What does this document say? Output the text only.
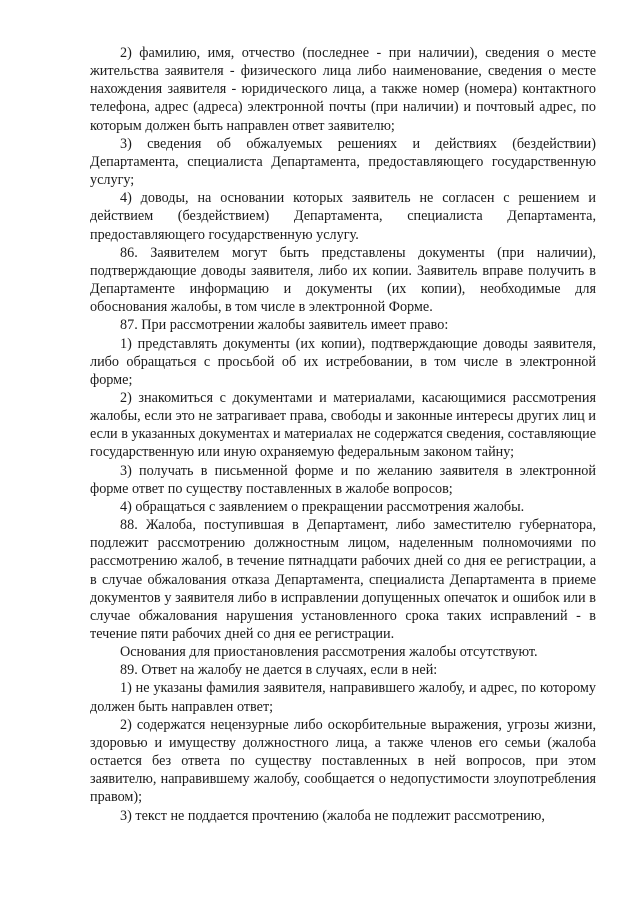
2) фамилию, имя, отчество (последнее - при наличии), сведения о месте жительства заявителя - физического лица либо наименование, сведения о месте нахождения заявителя - юридического лица, а также номер (номера) контактного телефона, адрес (адреса) электронной почты (при наличии) и почтовый адрес, по которым должен быть направлен ответ заявителю;

3) сведения об обжалуемых решениях и действиях (бездействии) Департамента, специалиста Департамента, предоставляющего государственную услугу;

4) доводы, на основании которых заявитель не согласен с решением и действием (бездействием) Департамента, специалиста Департамента, предоставляющего государственную услугу.

86. Заявителем могут быть представлены документы (при наличии), подтверждающие доводы заявителя, либо их копии. Заявитель вправе получить в Департаменте информацию и документы (их копии), необходимые для обоснования жалобы, в том числе в электронной Форме.

87. При рассмотрении жалобы заявитель имеет право:

1) представлять документы (их копии), подтверждающие доводы заявителя, либо обращаться с просьбой об их истребовании, в том числе в электронной форме;

2) знакомиться с документами и материалами, касающимися рассмотрения жалобы, если это не затрагивает права, свободы и законные интересы других лиц и если в указанных документах и материалах не содержатся сведения, составляющие государственную или иную охраняемую федеральным законом тайну;

3) получать в письменной форме и по желанию заявителя в электронной форме ответ по существу поставленных в жалобе вопросов;

4) обращаться с заявлением о прекращении рассмотрения жалобы.

88. Жалоба, поступившая в Департамент, либо заместителю губернатора, подлежит рассмотрению должностным лицом, наделенным полномочиями по рассмотрению жалоб, в течение пятнадцати рабочих дней со дня ее регистрации, а в случае обжалования отказа Департамента, специалиста Департамента в приеме документов у заявителя либо в исправлении допущенных опечаток и ошибок или в случае обжалования нарушения установленного срока таких исправлений - в течение пяти рабочих дней со дня ее регистрации.

Основания для приостановления рассмотрения жалобы отсутствуют.

89. Ответ на жалобу не дается в случаях, если в ней:

1) не указаны фамилия заявителя, направившего жалобу, и адрес, по которому должен быть направлен ответ;

2) содержатся нецензурные либо оскорбительные выражения, угрозы жизни, здоровью и имуществу должностного лица, а также членов его семьи (жалоба остается без ответа по существу поставленных в ней вопросов, при этом заявителю, направившему жалобу, сообщается о недопустимости злоупотребления правом);

3) текст не поддается прочтению (жалоба не подлежит рассмотрению,
